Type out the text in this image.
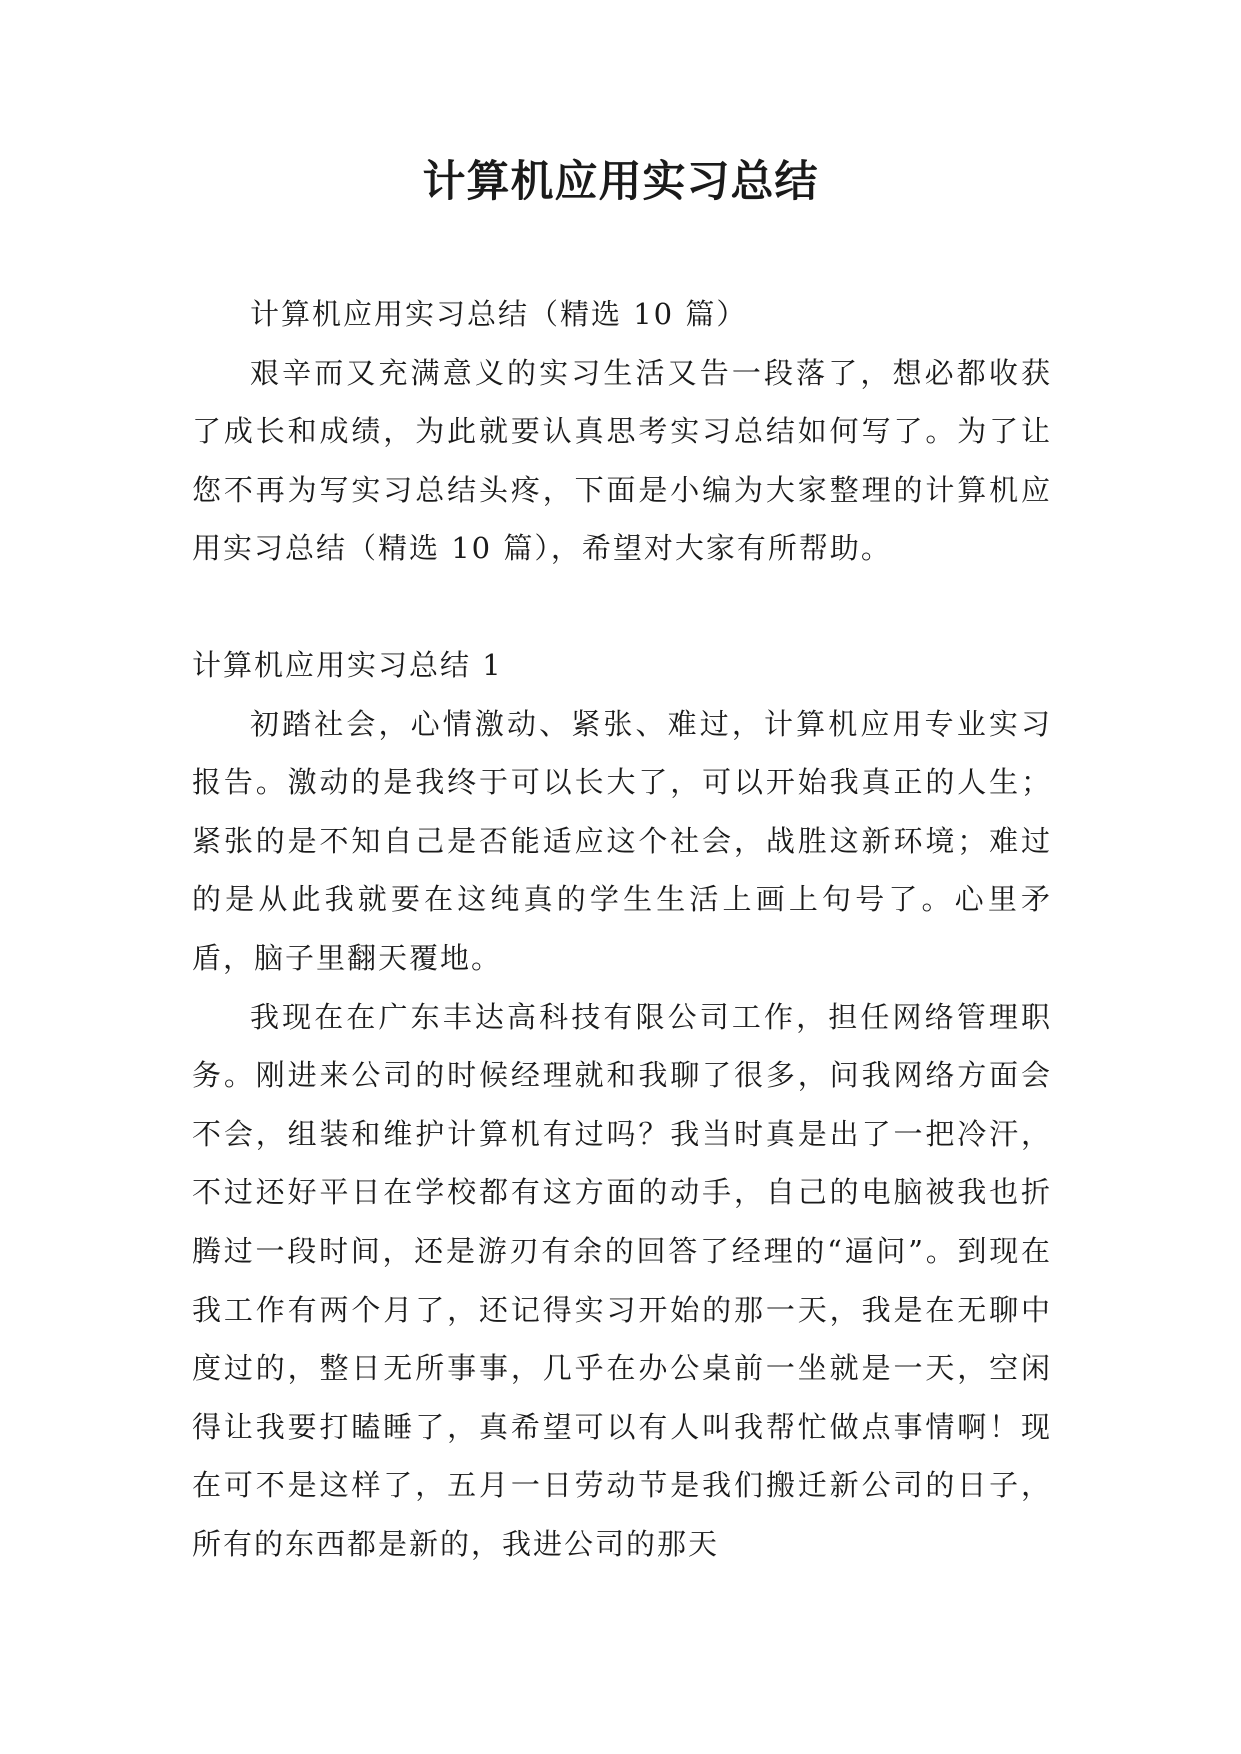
计算机应用实习总结

计算机应用实习总结（精选 10 篇）

艰辛而又充满意义的实习生活又告一段落了，想必都收获了成长和成绩，为此就要认真思考实习总结如何写了。为了让您不再为写实习总结头疼，下面是小编为大家整理的计算机应用实习总结（精选 10 篇），希望对大家有所帮助。

计算机应用实习总结 1

初踏社会，心情激动、紧张、难过，计算机应用专业实习报告。激动的是我终于可以长大了，可以开始我真正的人生；紧张的是不知自己是否能适应这个社会，战胜这新环境；难过的是从此我就要在这纯真的学生生活上画上句号了。心里矛盾，脑子里翻天覆地。

我现在在广东丰达高科技有限公司工作，担任网络管理职务。刚进来公司的时候经理就和我聊了很多，问我网络方面会不会，组装和维护计算机有过吗？我当时真是出了一把冷汗，不过还好平日在学校都有这方面的动手，自己的电脑被我也折腾过一段时间，还是游刃有余的回答了经理的“逼问”。到现在我工作有两个月了，还记得实习开始的那一天，我是在无聊中度过的，整日无所事事，几乎在办公桌前一坐就是一天，空闲得让我要打瞌睡了，真希望可以有人叫我帮忙做点事情啊！现在可不是这样了，五月一日劳动节是我们搬迁新公司的日子，所有的东西都是新的，我进公司的那天
